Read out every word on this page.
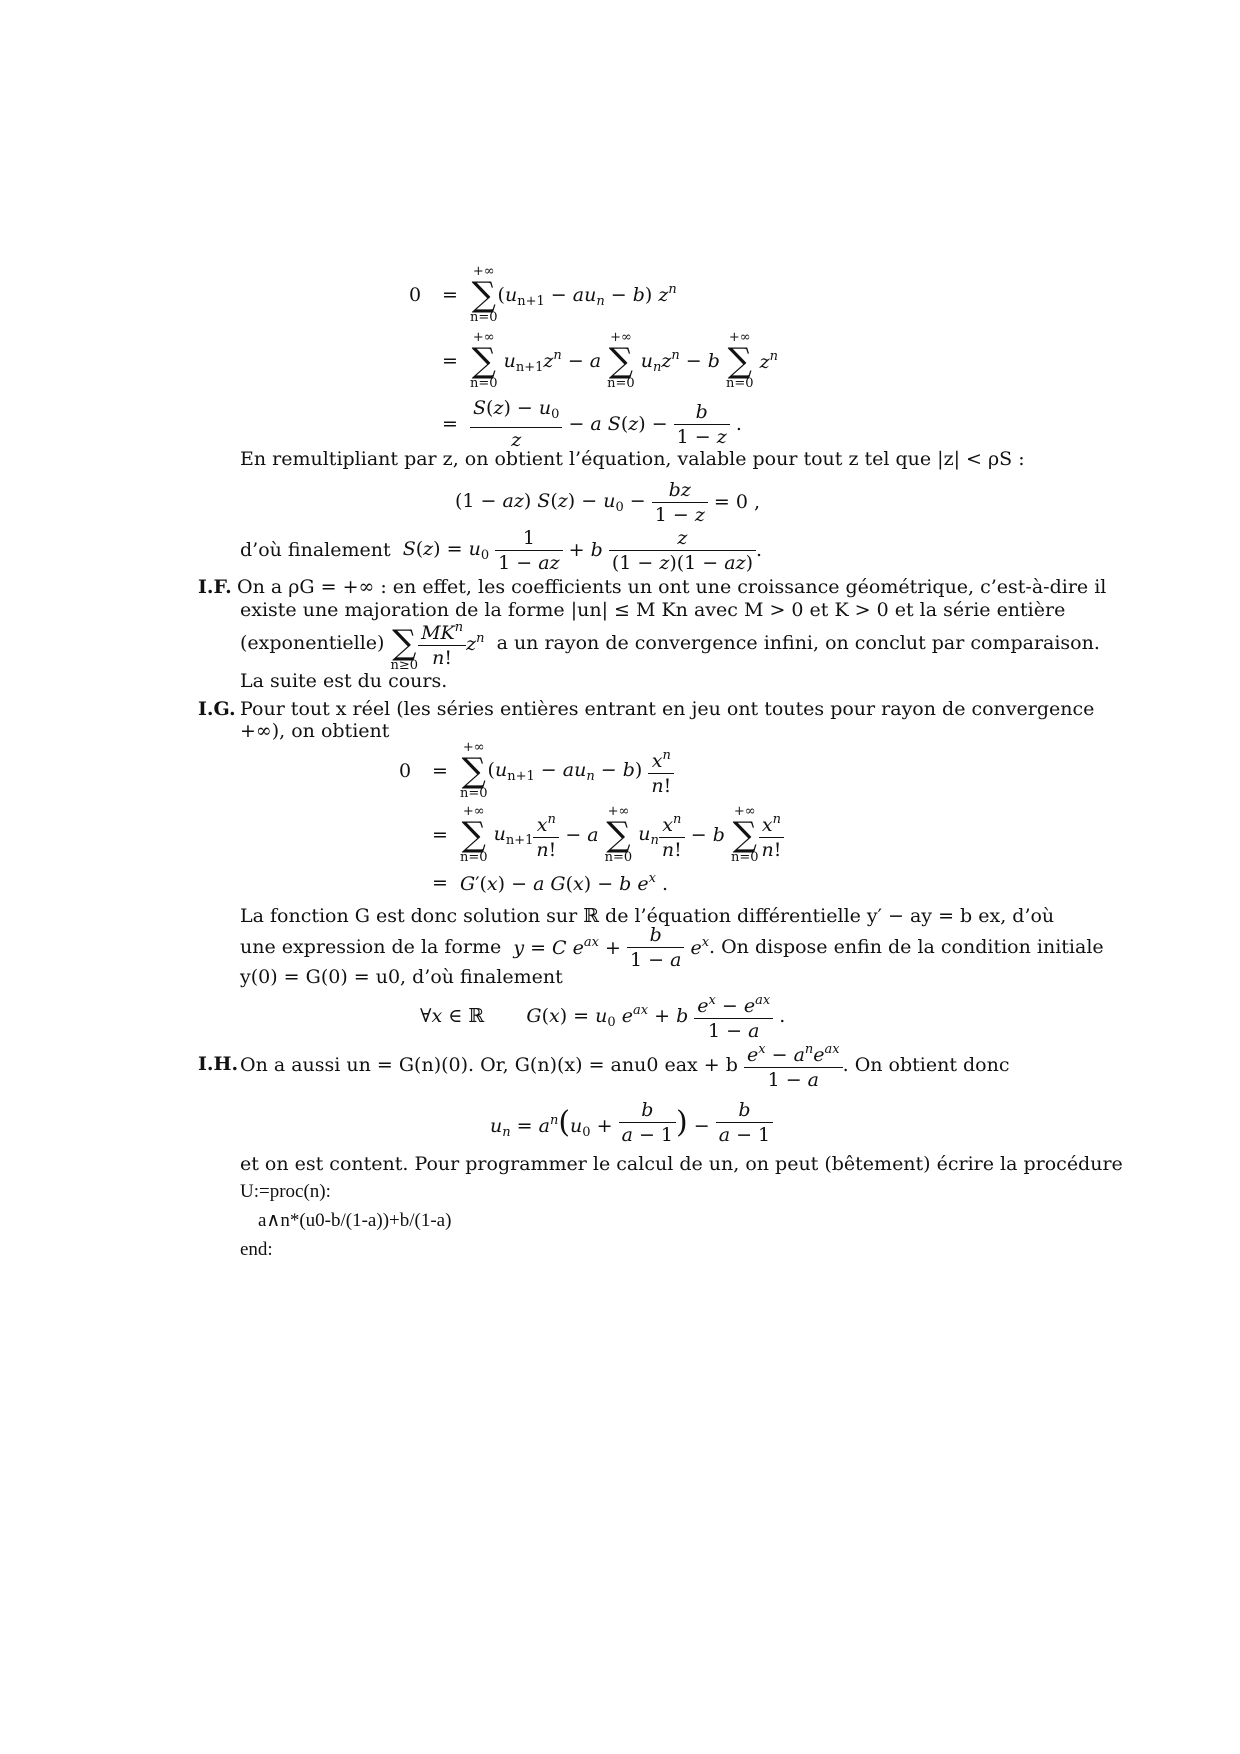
0	=
+∞
∑
n=0
$(u_{n+1} - au_n - b)$ $z^n$
=
+∞
∑
n=0
$u_{n+1}z^n - a$
+∞
∑
n=0
$u_nz^n - b$
+∞
∑
n=0
$z^n$
= $\frac{S(z) - u_0}{z} - a$ $S(z) - \frac{b}{1 - z}$ .
En remultipliant par z, on obtient l’équation, valable pour tout z tel que |z| < ρS :
(1 − az) $S(z) - u_0 - \frac{bz}{1 - z} = 0$ ,
d’où finalement $S(z) = u_0 \frac{1}{1 - az} + b \frac{z}{(1 - z)(1 - az)}$ .
I.F. On a ρG = +∞ : en effet, les coefficients un ont une croissance géométrique, c’est-à-dire il
existe une majoration de la forme |un| ≤ M Kn avec M > 0 et K > 0 et la série entière
(exponentielle)

∑
$n\ge 0 \frac{MK^n}{n!} z^n$ a un rayon de convergence infini, on conclut par comparaison.
La suite est du cours.
I.G. Pour tout x réel (les séries entières entrant en jeu ont toutes pour rayon de convergence
+∞), on obtient
0	=
+∞
∑
n=0
$(u_{n+1} - au_n - b) \frac{x^n}{n!}$
=
+∞
∑
n=0
$u_{n+1} \frac{x^n}{n!} - a$
+∞
∑
n=0
$u_n \frac{x^n}{n!} - b$
+∞
∑
$n=0 \frac{x^n}{n!}$
= G′(x) − a G(x) − b $e^x$ .
La fonction G est donc solution sur ℝ de l’équation différentielle y′ − ay = b ex, d’où
une expression de la forme y = C $e^{ax} + \frac{b}{1 - a} e^x$ . On dispose enfin de la condition initiale
y(0) = G(0) = u0, d’où finalement
∀x ∈ ℝ       $G(x) = u_0$ $e^{ax} + b \frac{e^x - e^{ax}}{1 - a}$ .
I.H. On a aussi un = G(n)(0). Or, G(n)(x) = anu0 eax + b
$\frac{e^x - a^ne^{ax}}{1 - a}$ . On obtient donc
$u_n = a^n(u_0 + \frac{b}{a - 1}$ ) − $\frac{b}{a - 1}$
et on est content. Pour programmer le calcul de un, on peut (bêtement) écrire la procédure
U:=proc(n):
a∧n*(u0-b/(1-a))+b/(1-a)
end:
